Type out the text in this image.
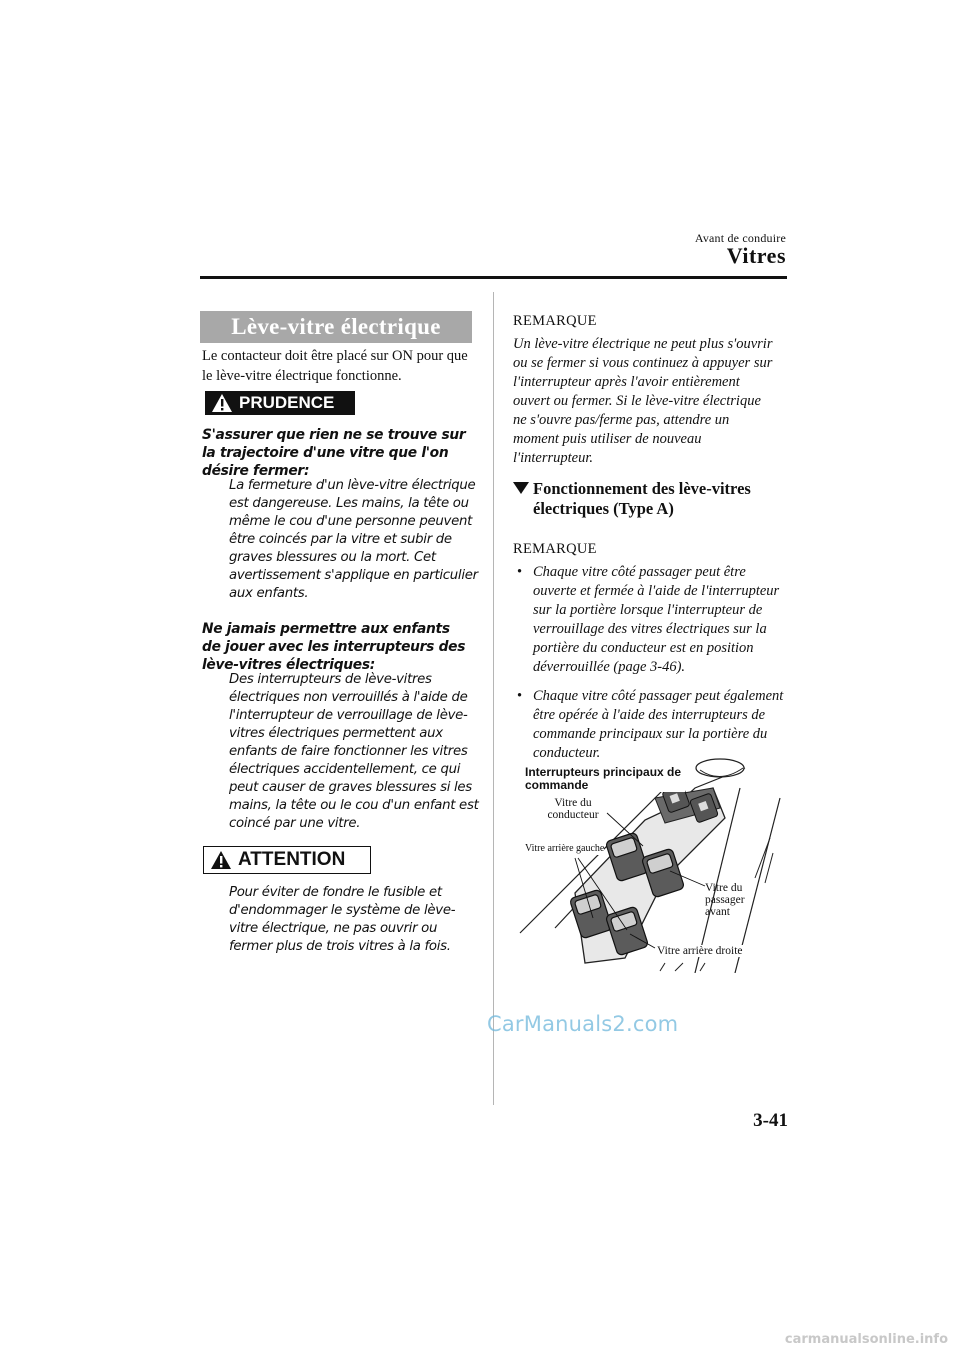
Avant de conduire
Vitres
Lève-vitre électrique
Le contacteur doit être placé sur ON pour que le lève-vitre électrique fonctionne.
PRUDENCE
S'assurer que rien ne se trouve sur la trajectoire d'une vitre que l'on désire fermer:
La fermeture d'un lève-vitre électrique est dangereuse. Les mains, la tête ou même le cou d'une personne peuvent être coincés par la vitre et subir de graves blessures ou la mort. Cet avertissement s'applique en particulier aux enfants.
Ne jamais permettre aux enfants de jouer avec les interrupteurs des lève-vitres électriques:
Des interrupteurs de lève-vitres électriques non verrouillés à l'aide de l'interrupteur de verrouillage de lève-vitres électriques permettent aux enfants de faire fonctionner les vitres électriques accidentellement, ce qui peut causer de graves blessures si les mains, la tête ou le cou d'un enfant est coincé par une vitre.
ATTENTION
Pour éviter de fondre le fusible et d'endommager le système de lève-vitre électrique, ne pas ouvrir ou fermer plus de trois vitres à la fois.
REMARQUE
Un lève-vitre électrique ne peut plus s'ouvrir ou se fermer si vous continuez à appuyer sur l'interrupteur après l'avoir entièrement ouvert ou fermer. Si le lève-vitre électrique ne s'ouvre pas/ferme pas, attendre un moment puis utiliser de nouveau l'interrupteur.
Fonctionnement des lève-vitres électriques (Type A)
REMARQUE
• Chaque vitre côté passager peut être ouverte et fermée à l'aide de l'interrupteur sur la portière lorsque l'interrupteur de verrouillage des vitres électriques sur la portière du conducteur est en position déverrouillée (page 3-46).
• Chaque vitre côté passager peut également être opérée à l'aide des interrupteurs de commande principaux sur la portière du conducteur.
Interrupteurs principaux de commande
Vitre du conducteur
Vitre arrière gauche
Vitre du passager avant
Vitre arrière droite
3-41
CarManuals2.com
carmanualsonline.info
